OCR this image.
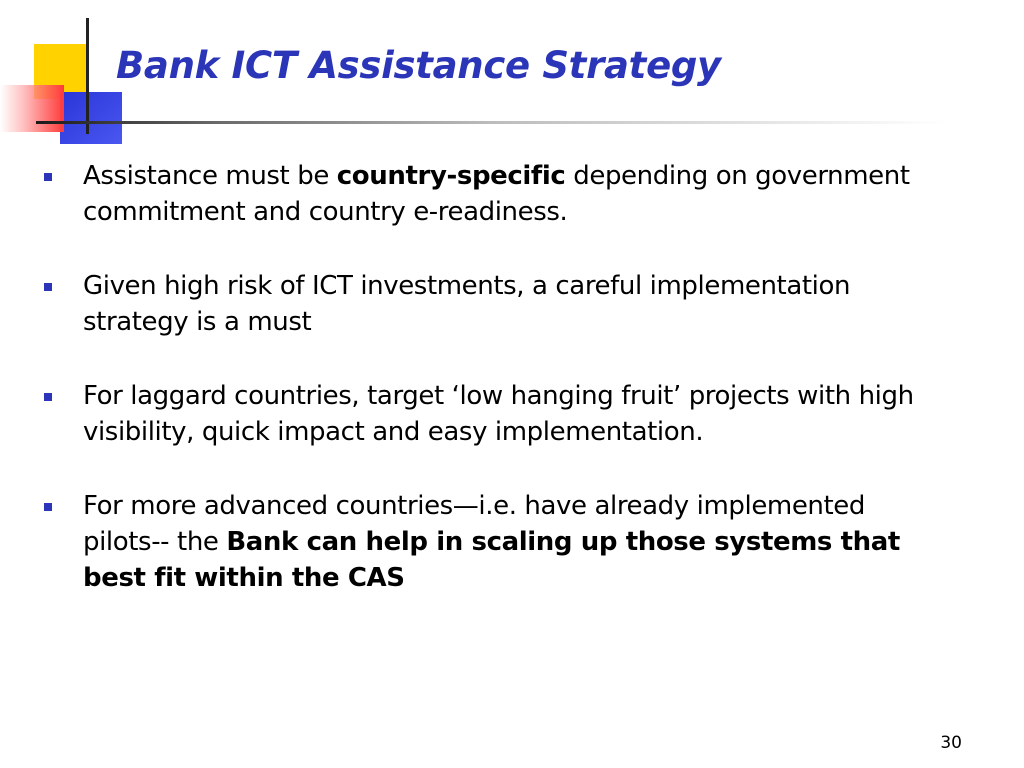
Bank ICT Assistance Strategy
Assistance must be country-specific depending on government commitment and country e-readiness.
Given high risk of ICT investments, a careful implementation strategy is a must
For laggard countries, target ‘low hanging fruit’ projects with high visibility, quick impact and easy implementation.
For more advanced countries—i.e. have already implemented pilots-- the Bank can help in scaling up those systems that best fit within the CAS
30
